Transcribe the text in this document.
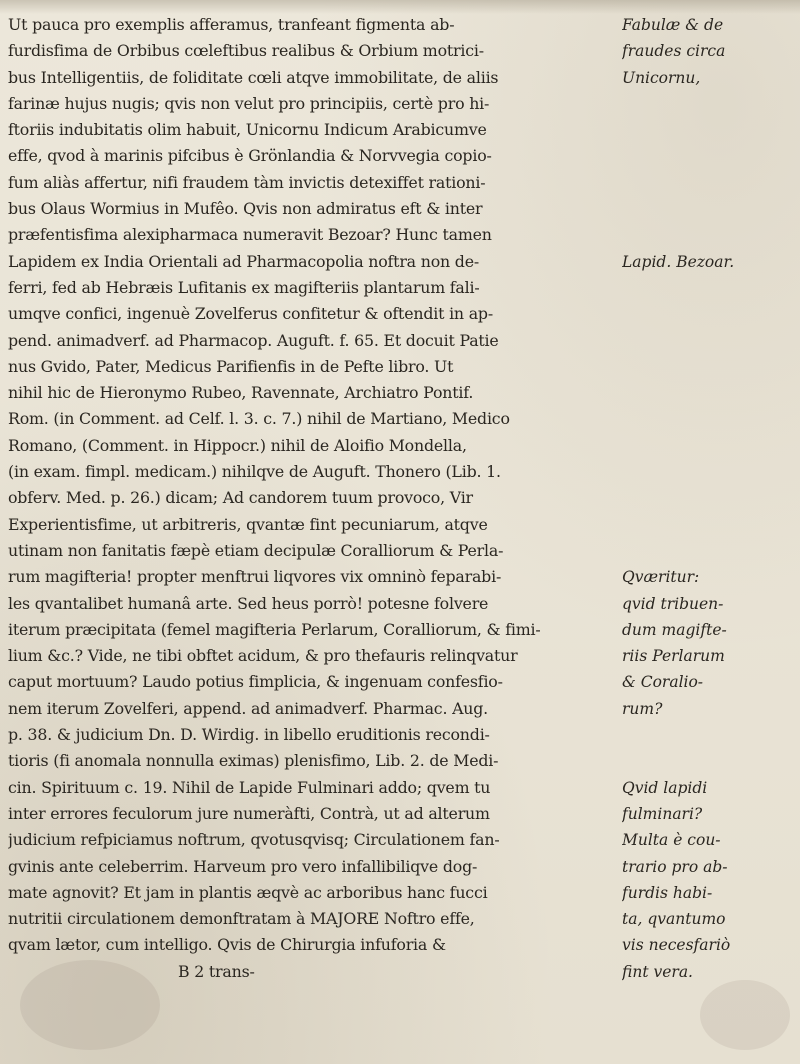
Ut pauca pro exemplis afferamus, tranfeant figmenta ab-
furdisfima de Orbibus cœleftibus realibus & Orbium motrici-
bus Intelligentiis, de foliditate cœli atqve immobilitate, de aliis
farinæ hujus nugis; qvis non velut pro principiis, certè pro hi-
ftoriis indubitatis olim habuit, Unicornu Indicum Arabicumve
effe, qvod à marinis pifcibus è Grönlandia & Norvvegia copio-
fum aliàs affertur, nifi fraudem tàm invictis detexiffet rationi-
bus Olaus Wormius in Mufêo. Qvis non admiratus eft & inter
præfentisfima alexipharmaca numeravit Bezoar? Hunc tamen
Lapidem ex India Orientali ad Pharmacopolia noftra non de-
ferri, fed ab Hebræis Lufitanis ex magifteriis plantarum fali-
umqve confici, ingenuè Zovelferus confitetur & oftendit in ap-
pend. animadverf. ad Pharmacop. Auguft. f. 65. Et docuit Patie
nus Gvido, Pater, Medicus Parifienfis in de Pefte libro. Ut
nihil hic de Hieronymo Rubeo, Ravennate, Archiatro Pontif.
Rom. (in Comment. ad Celf. l. 3. c. 7.) nihil de Martiano, Medico
Romano, (Comment. in Hippocr.) nihil de Aloifio Mondella,
(in exam. fimpl. medicam.) nihilqve de Auguft. Thonero (Lib. 1.
obferv. Med. p. 26.) dicam; Ad candorem tuum provoco, Vir
Experientisfime, ut arbitreris, qvantæ fint pecuniarum, atqve
utinam non fanitatis fæpè etiam decipulæ Coralliorum & Perla-
rum magifteria! propter menftrui liqvores vix omninò feparabi-
les qvantalibet humanâ arte. Sed heus porrò! potesne folvere
iterum præcipitata (femel magifteria Perlarum, Coralliorum, & fimi-
lium &c.? Vide, ne tibi obftet acidum, & pro thefauris relinqvatur
caput mortuum? Laudo potius fimplicia, & ingenuam confesfio-
nem iterum Zovelferi, append. ad animadverf. Pharmac. Aug.
p. 38. & judicium Dn. D. Wirdig. in libello eruditionis recondi-
tioris (fi anomala nonnulla eximas) plenisfimo, Lib. 2. de Medi-
cin. Spirituum c. 19. Nihil de Lapide Fulminari addo; qvem tu
inter errores feculorum jure numeràfti, Contrà, ut ad alterum
judicium refpiciamus noftrum, qvotusqvisq; Circulationem fan-
gvinis ante celeberrim. Harveum pro vero infallibiliqve dog-
mate agnovit? Et jam in plantis æqvè ac arboribus hanc fucci
nutritii circulationem demonftratam à MAJORE Noftro effe,
qvam lætor, cum intelligo. Qvis de Chirurgia infuforia &
B 2 trans-
Fabulæ & de
fraudes circa
Unicornu,
Lapid. Bezoar.
Qværitur:
qvid tribuen-
dum magifte-
riis Perlarum
& Coralio-
rum?
Qvid lapidi
fulminari?
Multa è cou-
trario pro ab-
furdis habi-
ta, qvantumo
vis necesfariò
fint vera.
